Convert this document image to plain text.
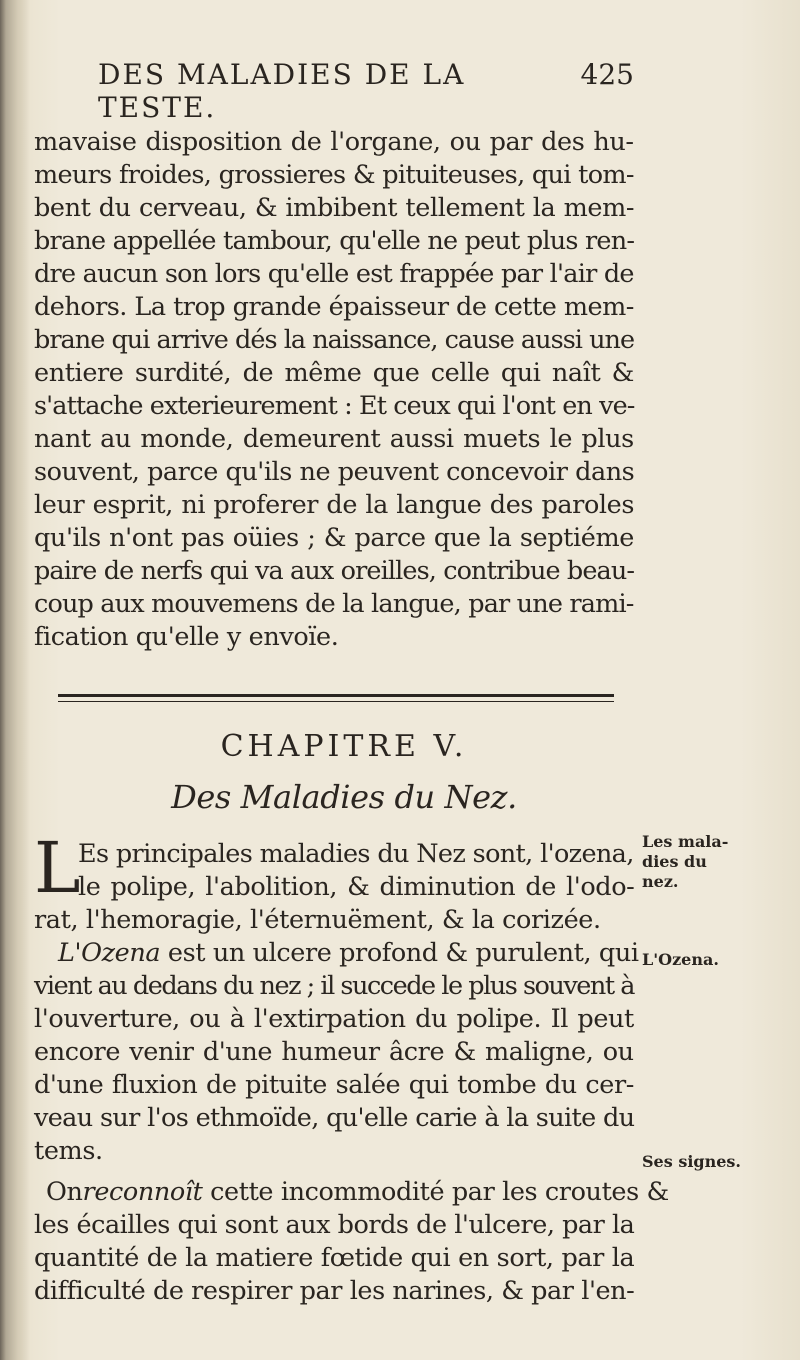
DES MALADIES DE LA TESTE.
425
mavaise disposition de l'organe, ou par des hu-
meurs froides, grossieres & pituiteuses, qui tom-
bent du cerveau, & imbibent tellement la mem-
brane appellée tambour, qu'elle ne peut plus ren-
dre aucun son lors qu'elle est frappée par l'air de
dehors. La trop grande épaisseur de cette mem-
brane qui arrive dés la naissance, cause aussi une
entiere surdité, de même que celle qui naît &
s'attache exterieurement : Et ceux qui l'ont en ve-
nant au monde, demeurent aussi muets le plus
souvent, parce qu'ils ne peuvent concevoir dans
leur esprit, ni proferer de la langue des paroles
qu'ils n'ont pas oüies ; & parce que la septiéme
paire de nerfs qui va aux oreilles, contribue beau-
coup aux mouvemens de la langue, par une rami-
fication qu'elle y envoïe.
CHAPITRE V.
Des Maladies du Nez.
L
Es principales maladies du Nez sont, l'ozena,
le polipe, l'abolition, & diminution de l'odo-
rat, l'hemoragie, l'éternuëment, & la corizée.
L'Ozena est un ulcere profond & purulent, qui
vient au dedans du nez ; il succede le plus souvent à
l'ouverture, ou à l'extirpation du polipe. Il peut
encore venir d'une humeur âcre & maligne, ou
d'une fluxion de pituite salée qui tombe du cer-
veau sur l'os ethmoïde, qu'elle carie à la suite du
tems.
On reconnoît cette incommodité par les croutes &
les écailles qui sont aux bords de l'ulcere, par la
quantité de la matiere fœtide qui en sort, par la
difficulté de respirer par les narines, & par l'en-
Les mala-
dies du
nez.
L'Ozena.
Ses signes.
